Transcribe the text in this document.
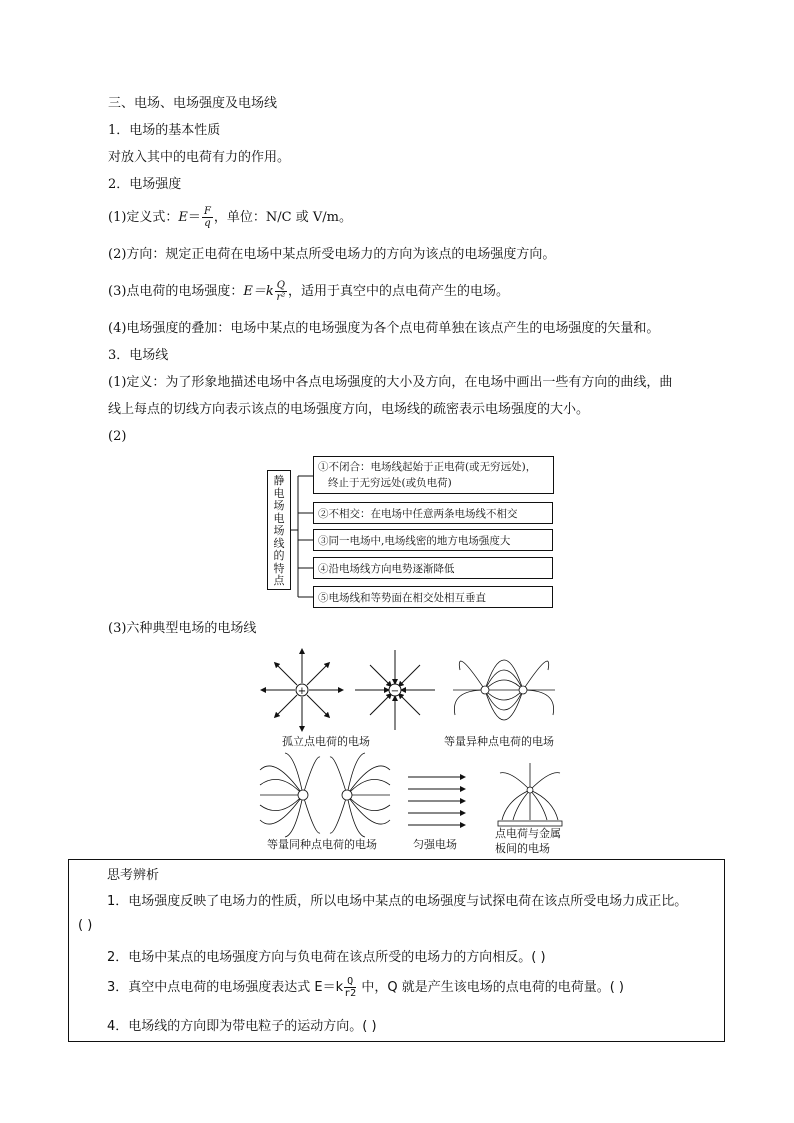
三、电场、电场强度及电场线
1．电场的基本性质
对放入其中的电荷有力的作用。
2．电场强度
(1)定义式：$E= \frac{F}{q}$ ，单位：N/C 或 V/m。
(2)方向：规定正电荷在电场中某点所受电场力的方向为该点的电场强度方向。
(3)点电荷的电场强度：$E=k \frac{Q}{\text{r²}}$ ，适用于真空中的点电荷产生的电场。
(4)电场强度的叠加：电场中某点的电场强度为各个点电荷单独在该点产生的电场强度的矢量和。
3．电场线
(1)定义：为了形象地描述电场中各点电场强度的大小及方向，在电场中画出一些有方向的曲线，曲
线上每点的切线方向表示该点的电场强度方向，电场线的疏密表示电场强度的大小。
(2)
静
电
场
电
场
线
的
特
点
①不闭合：电场线起始于正电荷(或无穷远处)，
终止于无穷远处(或负电荷)
②不相交：在电场中任意两条电场线不相交
③同一电场中,电场线密的地方电场强度大
④沿电场线方向电势逐渐降低
⑤电场线和等势面在相交处相互垂直
(3)六种典型电场的电场线
+	−
孤立点电荷的电场	等量异种点电荷的电场
等量同种点电荷的电场	匀强电场
点电荷与金属
板间的电场
思考辨析
1．电场强度反映了电场力的性质，所以电场中某点的电场强度与试探电荷在该点所受电场力成正比。
( )
2．电场中某点的电场强度方向与负电荷在该点所受的电场力的方向相反。( )
3．真空中点电荷的电场强度表达式 $E=k \frac{Q}{r2}$ 中，Q 就是产生该电场的点电荷的电荷量。( )
4．电场线的方向即为带电粒子的运动方向。( )
